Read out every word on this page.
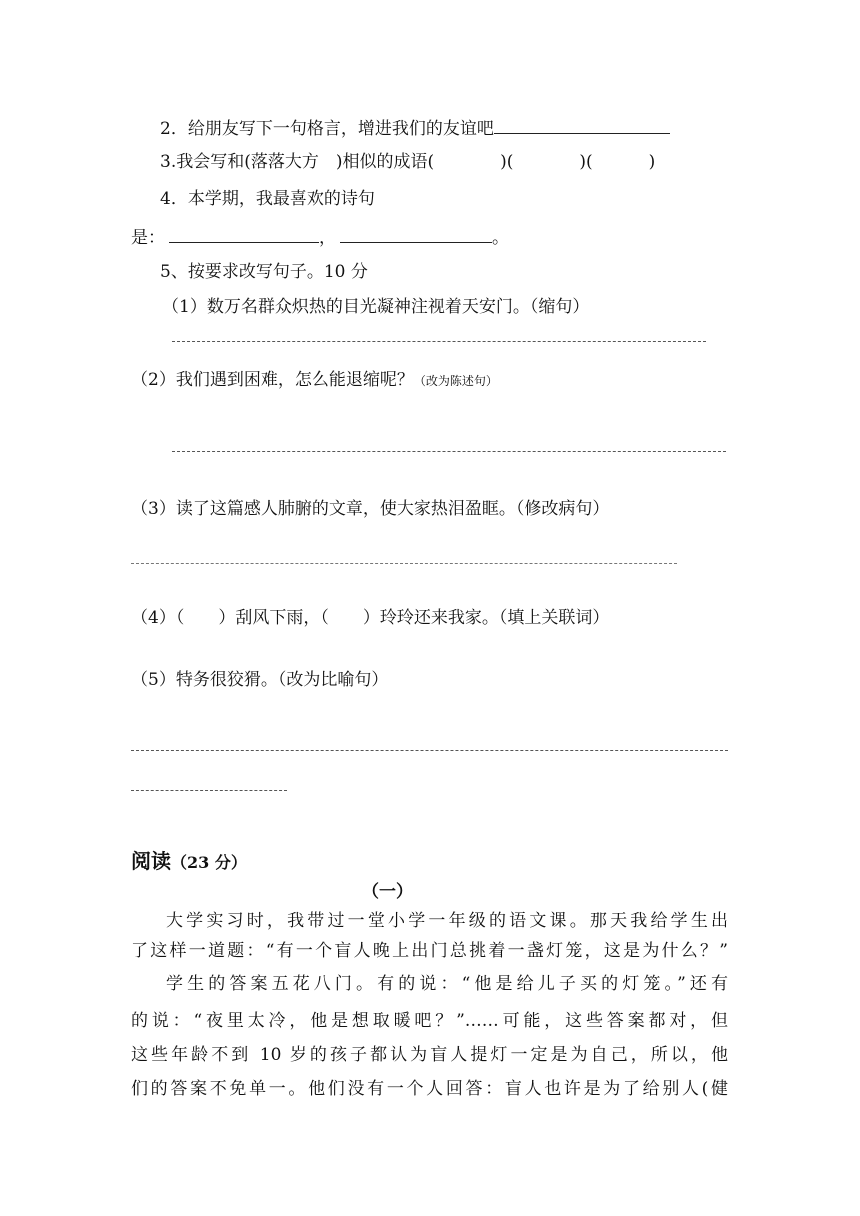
2．给朋友写下一句格言，增进我们的友谊吧
3.我会写和(落落大方　)相似的成语(	)(	)(	)
4．本学期，我最喜欢的诗句
是：	，	。
5、按要求改写句子。10 分
（1）数万名群众炽热的目光凝神注视着天安门。（缩句）
（2）我们遇到困难，怎么能退缩呢？（改为陈述句）
（3）读了这篇感人肺腑的文章，使大家热泪盈眶。（修改病句）
（4）（　　）刮风下雨，（　　）玲玲还来我家。（填上关联词）
（5）特务很狡猾。（改为比喻句）
阅读（23 分）
（一）
大学实习时，我带过一堂小学一年级的语文课。那天我给学生出
了这样一道题：“有一个盲人晚上出门总挑着一盏灯笼，这是为什么？”
学生的答案五花八门。有的说：“他是给儿子买的灯笼。”还有
的说：“夜里太冷，他是想取暖吧？”……可能，这些答案都对，但
这些年龄不到 10 岁的孩子都认为盲人提灯一定是为自己，所以，他
们的答案不免单一。他们没有一个人回答：盲人也许是为了给别人(健
